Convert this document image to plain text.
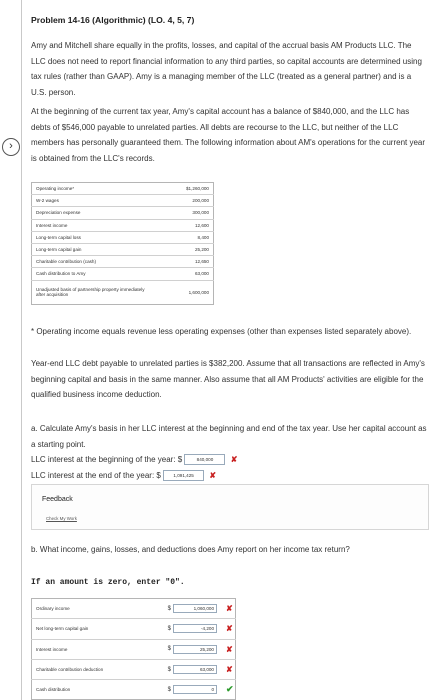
›
Problem 14-16 (Algorithmic) (LO. 4, 5, 7)

Amy and Mitchell share equally in the profits, losses, and capital of the accrual basis AM Products LLC. The LLC does not need to report financial information to any third parties, so capital accounts are determined using tax rules (rather than GAAP). Amy is a managing member of the LLC (treated as a general partner) and is a U.S. person.

At the beginning of the current tax year, Amy's capital account has a balance of $840,000, and the LLC has debts of $546,000 payable to unrelated parties. All debts are recourse to the LLC, but neither of the LLC members has personally guaranteed them. The following information about AM's operations for the current year is obtained from the LLC's records.

Operating income*	$1,260,000
W-2 wages	200,000
Depreciation expense	300,000
Interest income	12,600
Long-term capital loss	8,400
Long-term capital gain	25,200
Charitable contribution (cash)	12,650
Cash distribution to Amy	63,000
Unadjusted basis of partnership property immediately after acquisition	1,600,000

* Operating income equals revenue less operating expenses (other than expenses listed separately above).

Year-end LLC debt payable to unrelated parties is $382,200. Assume that all transactions are reflected in Amy's beginning capital and basis in the same manner. Also assume that all AM Products' activities are eligible for the qualified business income deduction.

a. Calculate Amy's basis in her LLC interest at the beginning and end of the tax year. Use her capital account as a starting point.

LLC interest at the beginning of the year: $	840,000 ✘
LLC interest at the end of the year: $	1,091,425 ✘
Feedback
Check My Work

b. What income, gains, losses, and deductions does Amy report on her income tax return?

If an amount is zero, enter "0".
Ordinary income	$	1,060,000	✘
Net long-term capital gain	$	-4,200	✘
Interest income	$	25,200	✘
Charitable contribution deduction	$	63,000	✘
Cash distribution	$	0	✔
